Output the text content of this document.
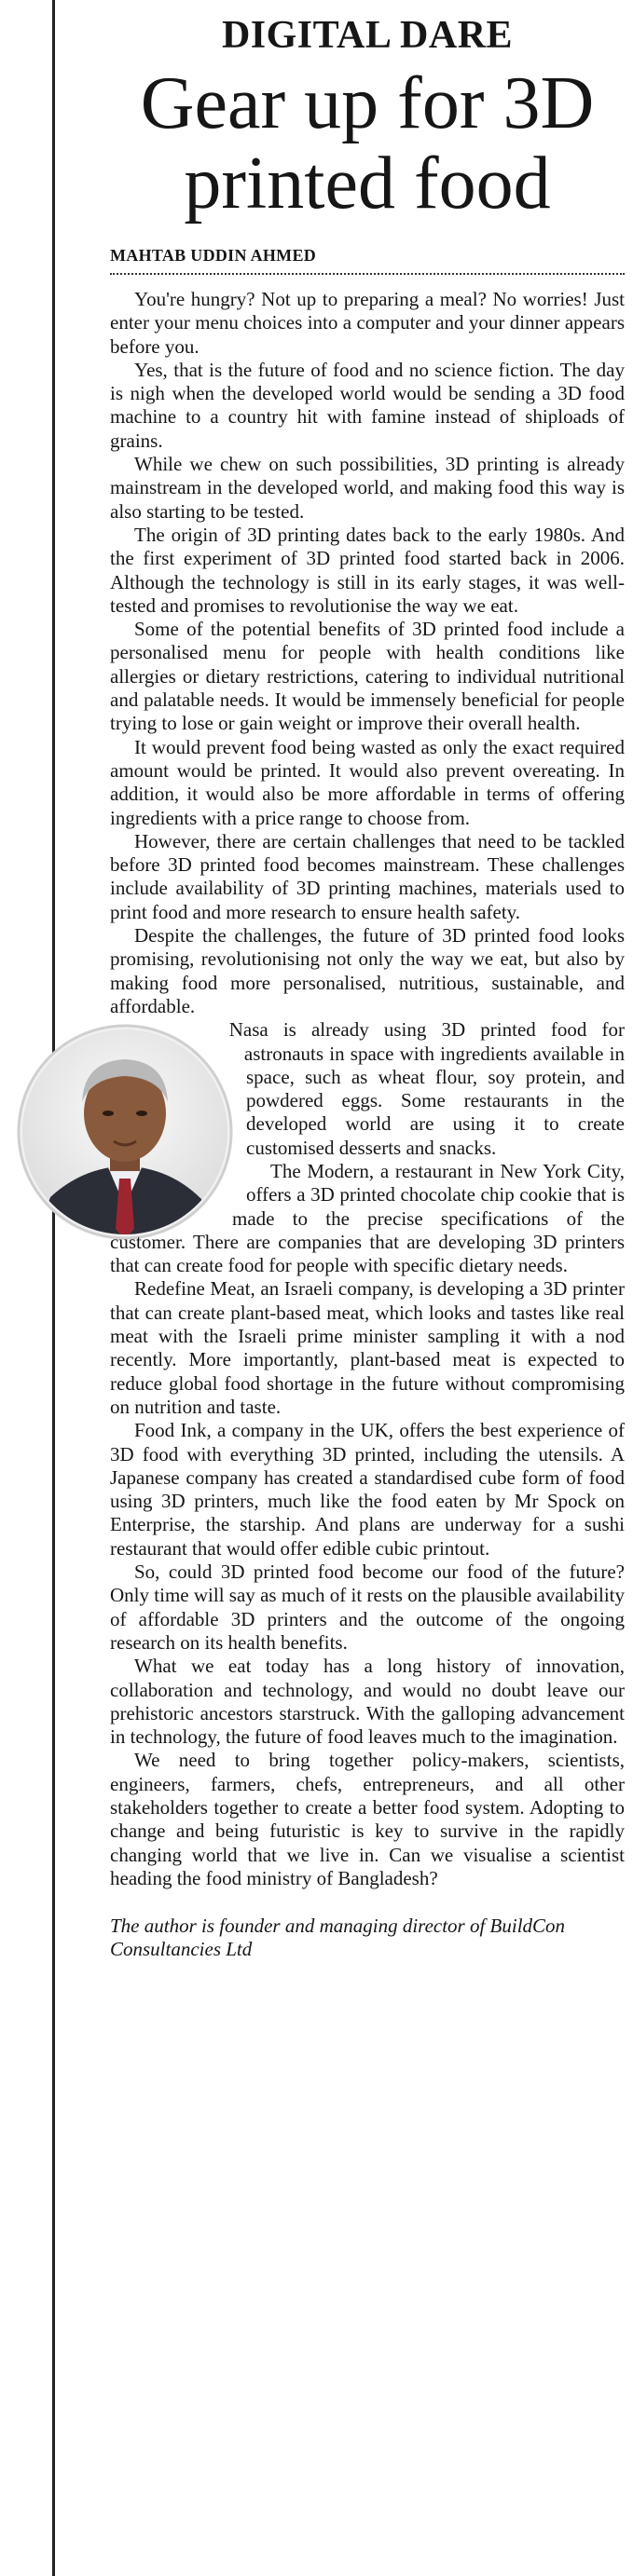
DIGITAL DARE
Gear up for 3D printed food
MAHTAB UDDIN AHMED

You're hungry? Not up to preparing a meal? No worries! Just enter your menu choices into a computer and your dinner appears before you.

Yes, that is the future of food and no science fiction. The day is nigh when the developed world would be sending a 3D food machine to a country hit with famine instead of shiploads of grains.

While we chew on such possibilities, 3D printing is already mainstream in the developed world, and making food this way is also starting to be tested.

The origin of 3D printing dates back to the early 1980s. And the first experiment of 3D printed food started back in 2006. Although the technology is still in its early stages, it was well-tested and promises to revolutionise the way we eat.

Some of the potential benefits of 3D printed food include a personalised menu for people with health conditions like allergies or dietary restrictions, catering to individual nutritional and palatable needs. It would be immensely beneficial for people trying to lose or gain weight or improve their overall health.

It would prevent food being wasted as only the exact required amount would be printed. It would also prevent overeating. In addition, it would also be more affordable in terms of offering ingredients with a price range to choose from.

However, there are certain challenges that need to be tackled before 3D printed food becomes mainstream. These challenges include availability of 3D printing machines, materials used to print food and more research to ensure health safety.

Despite the challenges, the future of 3D printed food looks promising, revolutionising not only the way we eat, but also by making food more personalised, nutritious, sustainable, and affordable.

Nasa is already using 3D printed food for astronauts in space with ingredients available in space, such as wheat flour, soy protein, and powdered eggs. Some restaurants in the developed world are using it to create customised desserts and snacks.

The Modern, a restaurant in New York City, offers a 3D printed chocolate chip cookie that is made to the precise specifications of the customer. There are companies that are developing 3D printers that can create food for people with specific dietary needs.

Redefine Meat, an Israeli company, is developing a 3D printer that can create plant-based meat, which looks and tastes like real meat with the Israeli prime minister sampling it with a nod recently. More importantly, plant-based meat is expected to reduce global food shortage in the future without compromising on nutrition and taste.

Food Ink, a company in the UK, offers the best experience of 3D food with everything 3D printed, including the utensils. A Japanese company has created a standardised cube form of food using 3D printers, much like the food eaten by Mr Spock on Enterprise, the starship. And plans are underway for a sushi restaurant that would offer edible cubic printout.

So, could 3D printed food become our food of the future? Only time will say as much of it rests on the plausible availability of affordable 3D printers and the outcome of the ongoing research on its health benefits.

What we eat today has a long history of innovation, collaboration and technology, and would no doubt leave our prehistoric ancestors starstruck. With the galloping advancement in technology, the future of food leaves much to the imagination.

We need to bring together policy-makers, scientists, engineers, farmers, chefs, entrepreneurs, and all other stakeholders together to create a better food system. Adopting to change and being futuristic is key to survive in the rapidly changing world that we live in. Can we visualise a scientist heading the food ministry of Bangladesh?

The author is founder and managing director of BuildCon Consultancies Ltd
